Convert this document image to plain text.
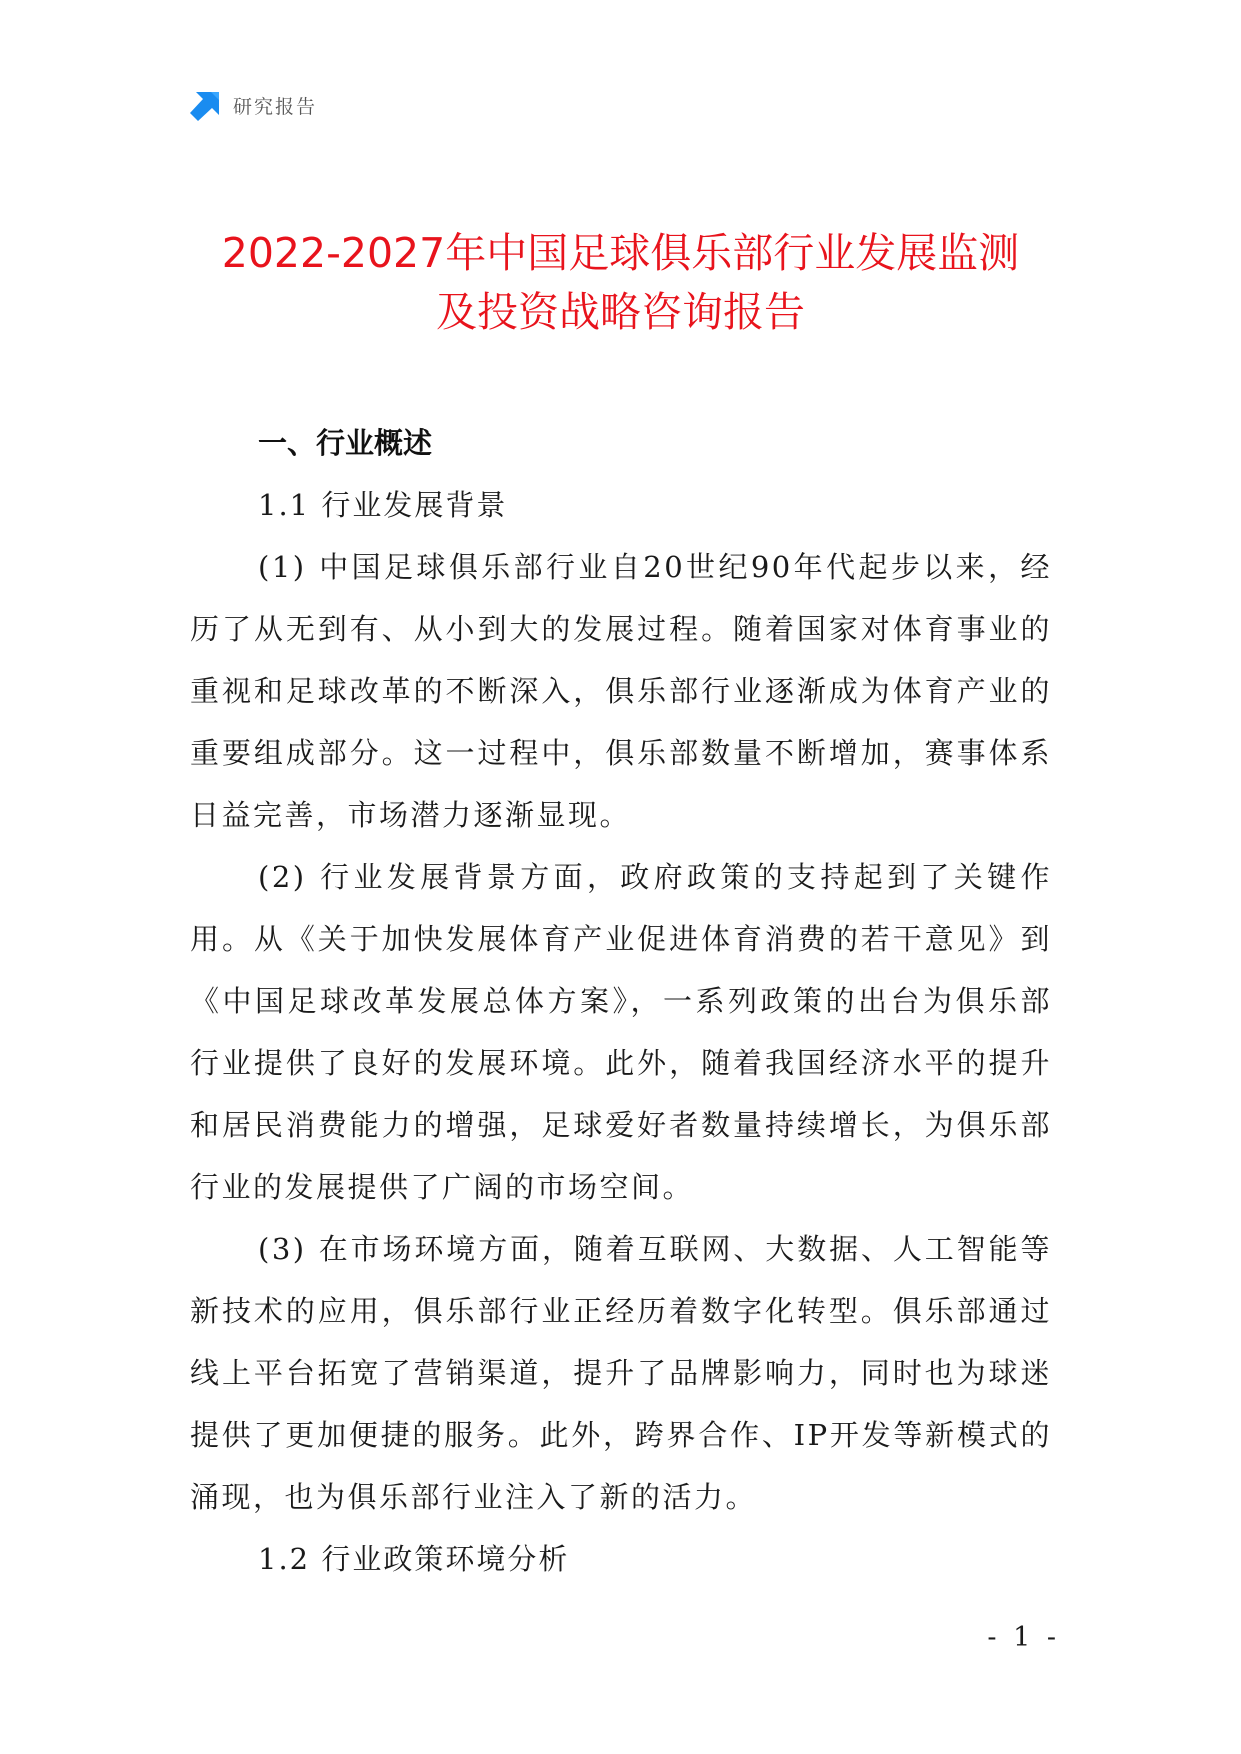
研究报告
2022-2027年中国足球俱乐部行业发展监测
及投资战略咨询报告
一、行业概述
1.1 行业发展背景

(1) 中国足球俱乐部行业自20世纪90年代起步以来，经历了从无到有、从小到大的发展过程。随着国家对体育事业的重视和足球改革的不断深入，俱乐部行业逐渐成为体育产业的重要组成部分。这一过程中，俱乐部数量不断增加，赛事体系日益完善，市场潜力逐渐显现。

(2) 行业发展背景方面，政府政策的支持起到了关键作用。从《关于加快发展体育产业促进体育消费的若干意见》到《中国足球改革发展总体方案》，一系列政策的出台为俱乐部行业提供了良好的发展环境。此外，随着我国经济水平的提升和居民消费能力的增强，足球爱好者数量持续增长，为俱乐部行业的发展提供了广阔的市场空间。

(3) 在市场环境方面，随着互联网、大数据、人工智能等新技术的应用，俱乐部行业正经历着数字化转型。俱乐部通过线上平台拓宽了营销渠道，提升了品牌影响力，同时也为球迷提供了更加便捷的服务。此外，跨界合作、IP开发等新模式的涌现，也为俱乐部行业注入了新的活力。

1.2 行业政策环境分析
- 1 -
